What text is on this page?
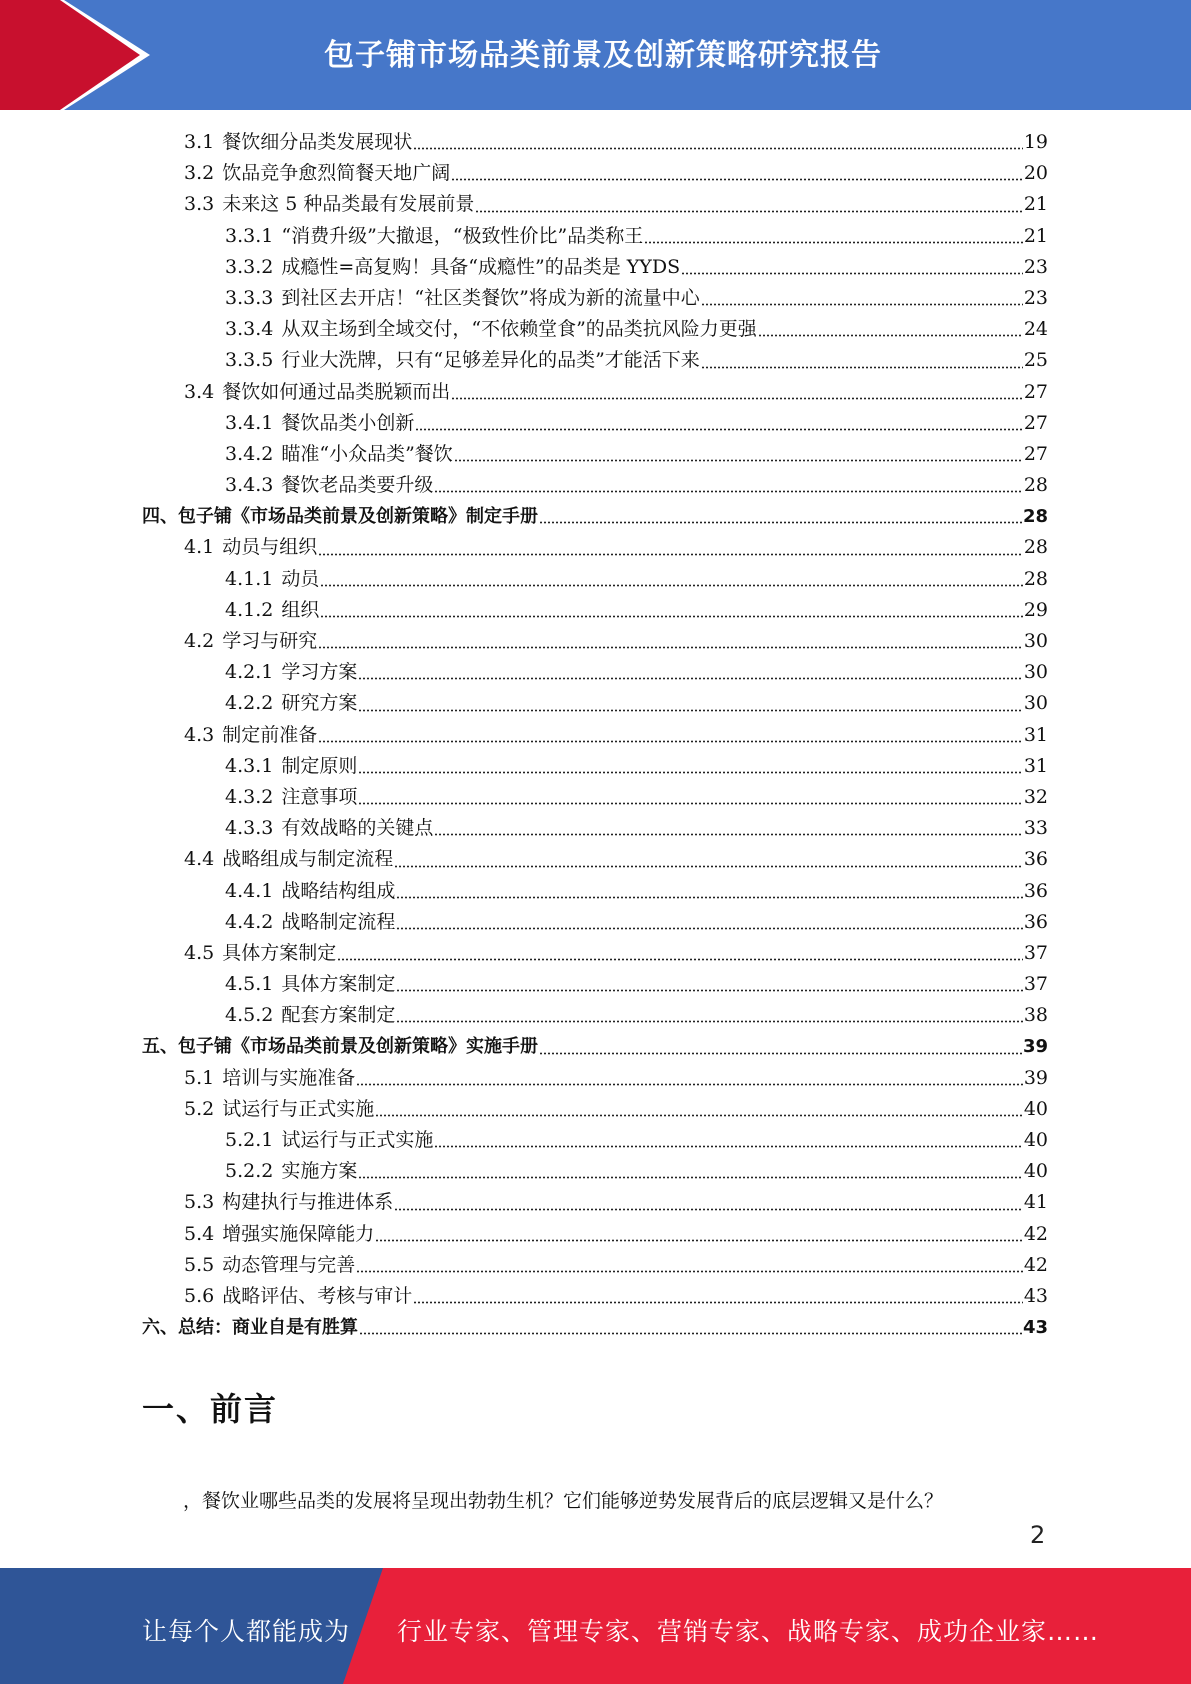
包子铺市场品类前景及创新策略研究报告
3.1 餐饮细分品类发展现状	19
3.2 饮品竞争愈烈简餐天地广阔	20
3.3 未来这 5 种品类最有发展前景	21
3.3.1 “消费升级”大撤退，“极致性价比”品类称王	21
3.3.2 成瘾性=高复购！具备“成瘾性”的品类是 YYDS	23
3.3.3 到社区去开店！“社区类餐饮”将成为新的流量中心	23
3.3.4 从双主场到全域交付，“不依赖堂食”的品类抗风险力更强	24
3.3.5 行业大洗牌，只有“足够差异化的品类”才能活下来	25
3.4 餐饮如何通过品类脱颖而出	27
3.4.1 餐饮品类小创新	27
3.4.2 瞄准“小众品类”餐饮	27
3.4.3 餐饮老品类要升级	28
四、 包子铺《市场品类前景及创新策略》制定手册	28
4.1 动员与组织	28
4.1.1 动员	28
4.1.2 组织	29
4.2 学习与研究	30
4.2.1 学习方案	30
4.2.2 研究方案	30
4.3 制定前准备	31
4.3.1 制定原则	31
4.3.2 注意事项	32
4.3.3 有效战略的关键点	33
4.4 战略组成与制定流程	36
4.4.1 战略结构组成	36
4.4.2 战略制定流程	36
4.5 具体方案制定	37
4.5.1 具体方案制定	37
4.5.2 配套方案制定	38
五、 包子铺《市场品类前景及创新策略》实施手册	39
5.1 培训与实施准备	39
5.2 试运行与正式实施	40
5.2.1 试运行与正式实施	40
5.2.2 实施方案	40
5.3 构建执行与推进体系	41
5.4 增强实施保障能力	42
5.5 动态管理与完善	42
5.6 战略评估、考核与审计	43
六、 总结：商业自是有胜算	43
一、前言
，餐饮业哪些品类的发展将呈现出勃勃生机？它们能够逆势发展背后的底层逻辑又是什么？
2
让每个人都能成为 行业专家、管理专家、营销专家、战略专家、成功企业家……
